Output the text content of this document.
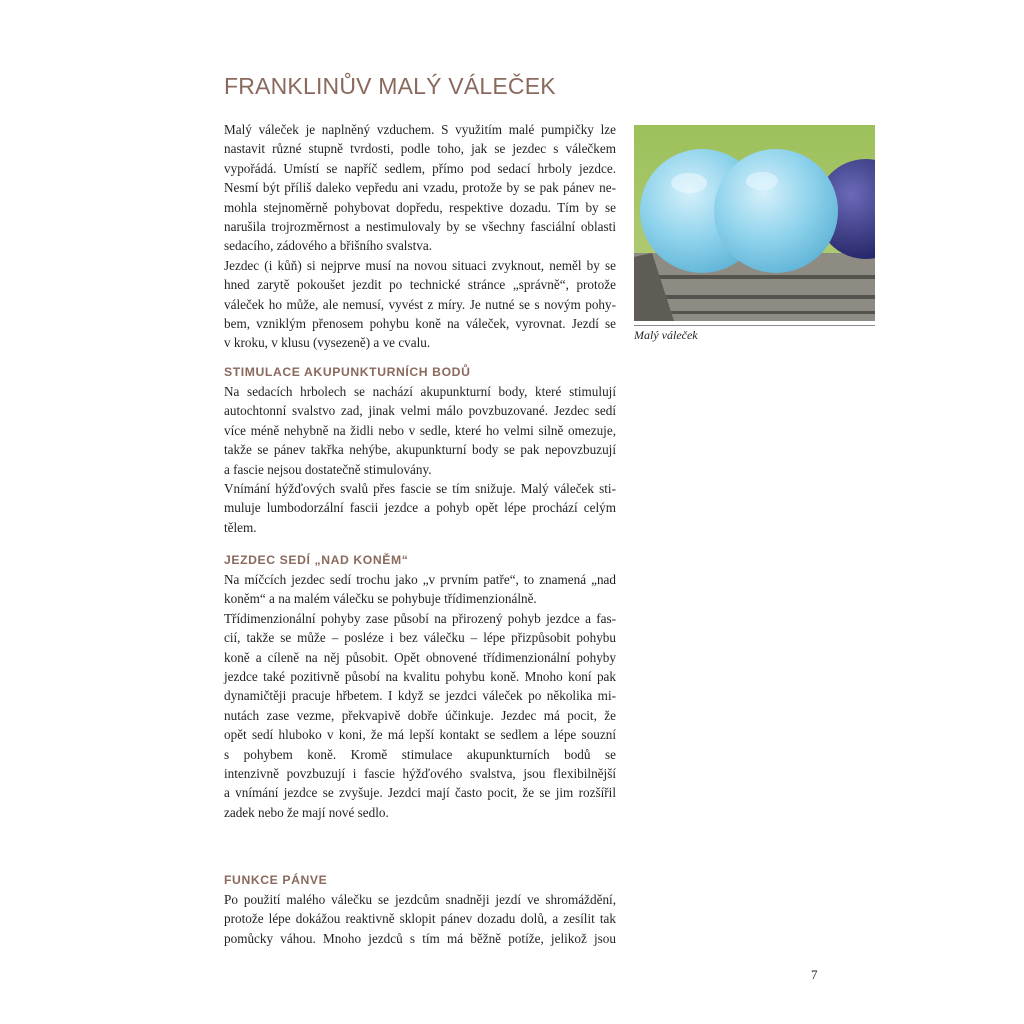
FRANKLINŮV MALÝ VÁLEČEK

Malý váleček je naplněný vzduchem. S využitím malé pumpičky lze
nastavit různé stupně tvrdosti, podle toho, jak se jezdec s válečkem
vypořádá. Umístí se napříč sedlem, přímo pod sedací hrboly jezdce.
Nesmí být příliš daleko vepředu ani vzadu, protože by se pak pánev ne-
mohla stejnoměrně pohybovat dopředu, respektive dozadu. Tím by se
narušila trojrozměrnost a nestimulovaly by se všechny fasciální oblasti
sedacího, zádového a břišního svalstva.
Jezdec (i kůň) si nejprve musí na novou situaci zvyknout, neměl by se
hned zarytě pokoušet jezdit po technické stránce „správně“, protože
váleček ho může, ale nemusí, vyvést z míry. Je nutné se s novým pohy-
bem, vzniklým přenosem pohybu koně na váleček, vyrovnat. Jezdí se
v kroku, v klusu (vysezeně) a ve cvalu.

STIMULACE AKUPUNKTURNÍCH BODŮ

Na sedacích hrbolech se nachází akupunkturní body, které stimulují
autochtonní svalstvo zad, jinak velmi málo povzbuzované. Jezdec sedí
více méně nehybně na židli nebo v sedle, které ho velmi silně omezuje,
takže se pánev takřka nehýbe, akupunkturní body se pak nepovzbuzují
a fascie nejsou dostatečně stimulovány.
Vnímání hýžďových svalů přes fascie se tím snižuje. Malý váleček sti-
muluje lumbodorzální fascii jezdce a pohyb opět lépe prochází celým
tělem.

JEZDEC SEDÍ „NAD KONĚM“

Na míčcích jezdec sedí trochu jako „v prvním patře“, to znamená „nad
koněm“ a na malém válečku se pohybuje třídimenzionálně.
Třídimenzionální pohyby zase působí na přirozený pohyb jezdce a fas-
cií, takže se může – posléze i bez válečku – lépe přizpůsobit pohybu
koně a cíleně na něj působit. Opět obnovené třídimenzionální pohyby
jezdce také pozitivně působí na kvalitu pohybu koně. Mnoho koní pak
dynamičtěji pracuje hřbetem. I když se jezdci váleček po několika mi-
nutách zase vezme, překvapivě dobře účinkuje. Jezdec má pocit, že
opět sedí hluboko v koni, že má lepší kontakt se sedlem a lépe souzní
s pohybem koně. Kromě stimulace akupunkturních bodů se
intenzivně povzbuzují i fascie hýžďového svalstva, jsou flexibilnější
a vnímání jezdce se zvyšuje. Jezdci mají často pocit, že se jim rozšířil
zadek nebo že mají nové sedlo.

FUNKCE PÁNVE

Po použití malého válečku se jezdcům snadněji jezdí ve shromáždění,
protože lépe dokážou reaktivně sklopit pánev dozadu dolů, a zesílit tak
pomůcky váhou. Mnoho jezdců s tím má běžně potíže, jelikož jsou

Malý váleček

7
